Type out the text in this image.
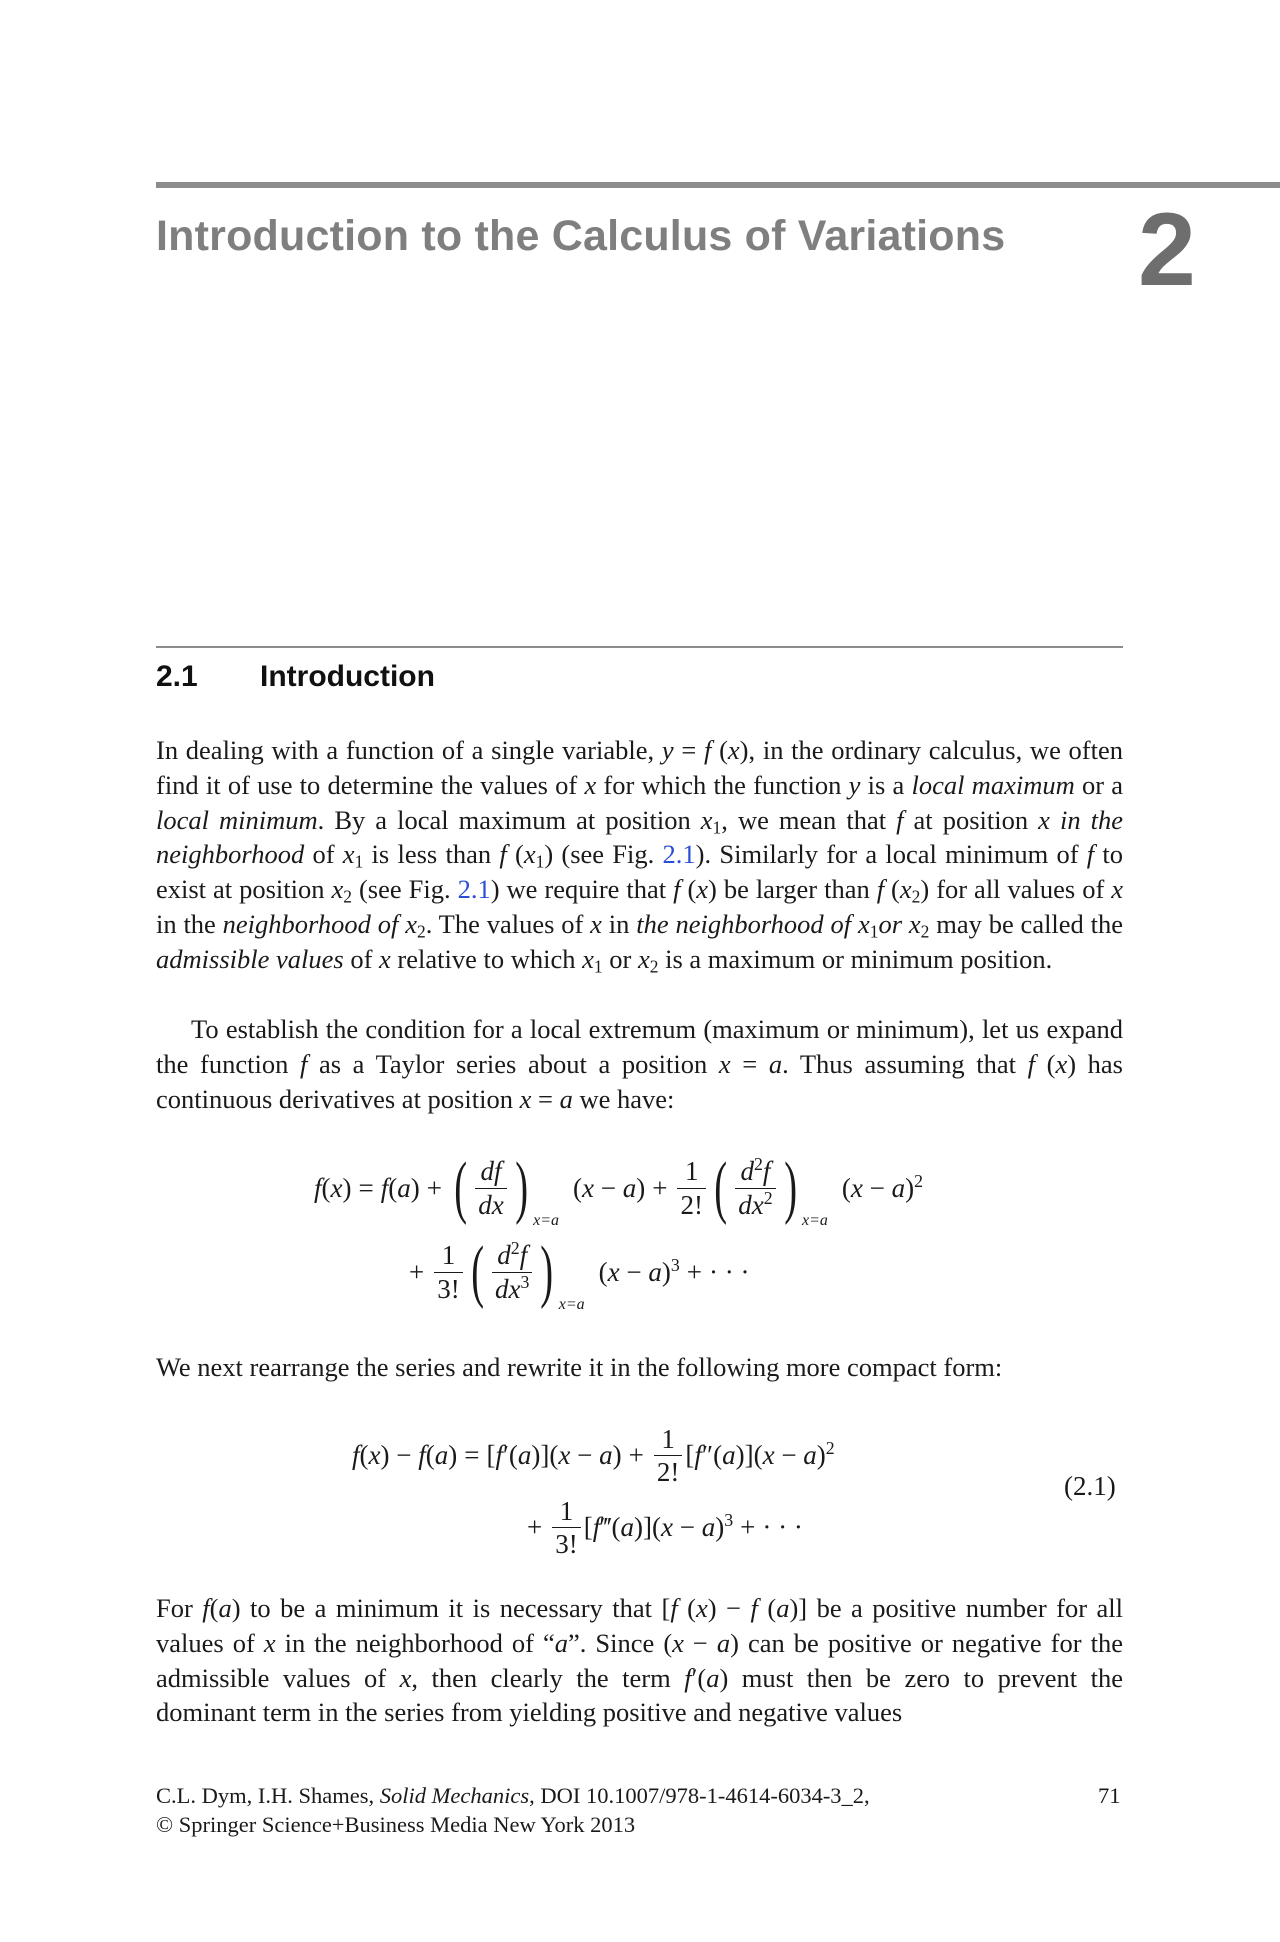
Introduction to the Calculus of Variations 2
2.1 Introduction
In dealing with a function of a single variable, y = f (x), in the ordinary calculus, we often find it of use to determine the values of x for which the function y is a local maximum or a local minimum. By a local maximum at position $x_1$, we mean that f at position x in the neighborhood of $x_1$ is less than f $(x_1)$ (see Fig. 2.1). Similarly for a local minimum of f to exist at position $x_2$ (see Fig. 2.1) we require that f (x) be larger than f $(x_2)$ for all values of x in the neighborhood of $x_2$. The values of x in the neighborhood of $x_1or$ $x_2$ may be called the admissible values of x relative to which $x_1$ or $x_2$ is a maximum or minimum position.
To establish the condition for a local extremum (maximum or minimum), let us expand the function f as a Taylor series about a position x = a. Thus assuming that f (x) has continuous derivatives at position x = a we have:
f(x) = f(a) + ( $\frac{df}{dx}$ ) x=a
$(x - a) + \frac{1}{2!}$ ( $\frac{d^2f}{dx^2}$ ) x=a
$(x - a)^2$
+ $\frac{1}{3!}$ ( $\frac{d^2f}{dx^3}$ ) x=a
$(x - a)^3$ + · · ·
We next rearrange the series and rewrite it in the following more compact form:
$f(x) - f(a) = [f'(a)](x - a) + \frac{1}{2!} [f''(a)](x - a)^2$
+ $\frac{1}{3!}$ [f‴(a)](x − a)$^3$ + · · ·
(2.1)
For f(a) to be a minimum it is necessary that [f (x) − f (a)] be a positive number for all values of x in the neighborhood of “a”. Since (x − a) can be positive or negative for the admissible values of x, then clearly the term f′(a) must then be zero to prevent the dominant term in the series from yielding positive and negative values
C.L. Dym, I.H. Shames, Solid Mechanics, DOI 10.1007/978-1-4614-6034-3_2,
© Springer Science+Business Media New York 2013
71
